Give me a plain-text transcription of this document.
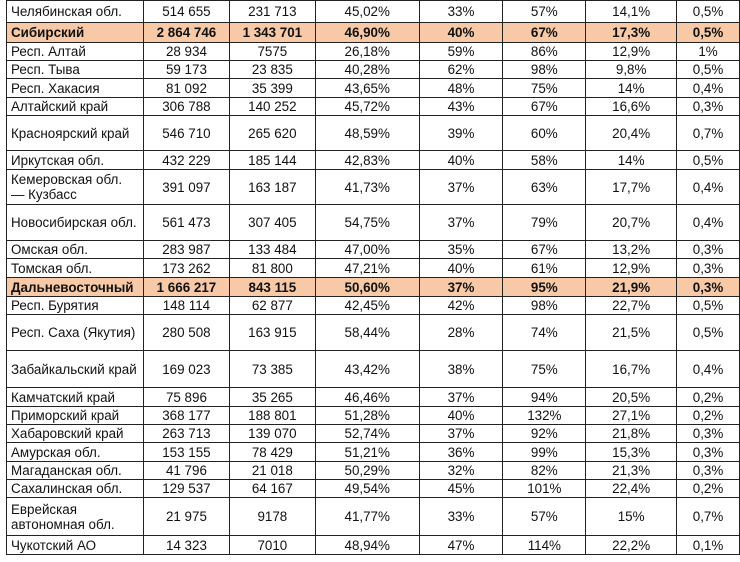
Челябинская обл.	514 655	231 713	45,02%	33%	57%	14,1%	0,5%
Сибирский	2 864 746	1 343 701	46,90%	40%	67%	17,3%	0,5%
Респ. Алтай	28 934	7575	26,18%	59%	86%	12,9%	1%
Респ. Тыва	59 173	23 835	40,28%	62%	98%	9,8%	0,5%
Респ. Хакасия	81 092	35 399	43,65%	48%	75%	14%	0,4%
Алтайский край	306 788	140 252	45,72%	43%	67%	16,6%	0,3%
Красноярский край	546 710	265 620	48,59%	39%	60%	20,4%	0,7%
Иркутская обл.	432 229	185 144	42,83%	40%	58%	14%	0,5%
Кемеровская обл. — Кузбасс	391 097	163 187	41,73%	37%	63%	17,7%	0,4%
Новосибирская обл.	561 473	307 405	54,75%	37%	79%	20,7%	0,4%
Омская обл.	283 987	133 484	47,00%	35%	67%	13,2%	0,3%
Томская обл.	173 262	81 800	47,21%	40%	61%	12,9%	0,3%
Дальневосточный	1 666 217	843 115	50,60%	37%	95%	21,9%	0,3%
Респ. Бурятия	148 114	62 877	42,45%	42%	98%	22,7%	0,5%
Респ. Саха (Якутия)	280 508	163 915	58,44%	28%	74%	21,5%	0,5%
Забайкальский край	169 023	73 385	43,42%	38%	75%	16,7%	0,4%
Камчатский край	75 896	35 265	46,46%	37%	94%	20,5%	0,2%
Приморский край	368 177	188 801	51,28%	40%	132%	27,1%	0,2%
Хабаровский край	263 713	139 070	52,74%	37%	92%	21,8%	0,3%
Амурская обл.	153 155	78 429	51,21%	36%	99%	15,3%	0,3%
Магаданская обл.	41 796	21 018	50,29%	32%	82%	21,3%	0,3%
Сахалинская обл.	129 537	64 167	49,54%	45%	101%	22,4%	0,2%
Еврейская автономная обл.	21 975	9178	41,77%	33%	57%	15%	0,7%
Чукотский АО	14 323	7010	48,94%	47%	114%	22,2%	0,1%
